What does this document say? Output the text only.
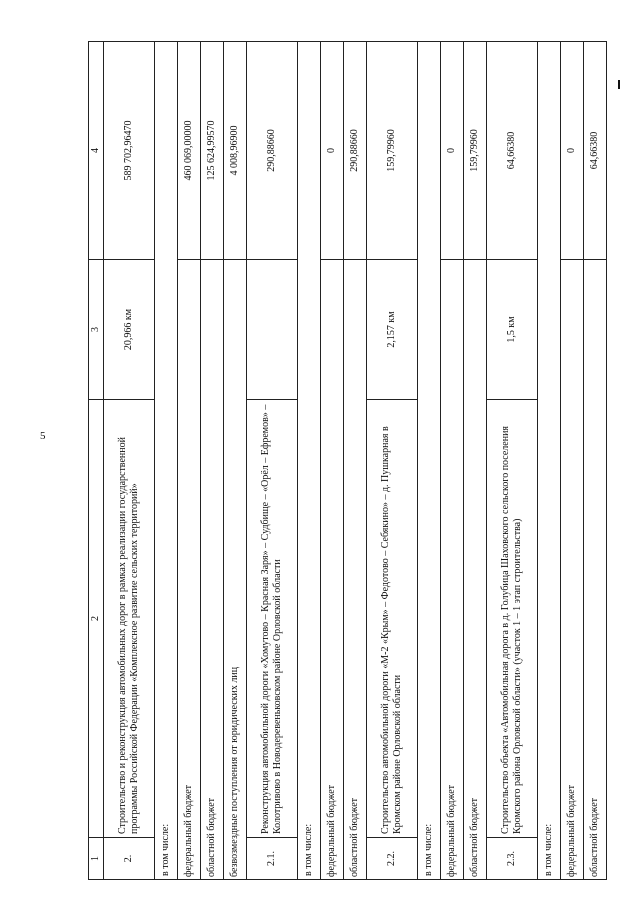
5
1	2	3	4
2.	Строительство и реконструкция автомобильных дорог в рамках реализации государственной программы Российской Федерации «Комплексное развитие сельских территорий»	20,966 км	589 702,96470
в том числе:			
федеральный бюджет			460 069,00000
областной бюджет			125 624,99570
безвозмездные поступления от юридических лиц			4 008,96900
2.1.	Реконструкция автомобильной дороги «Хомутово – Красная Заря» – Судбище – «Орёл – Ефремов» – Колотривово в Новодеревеньковском районе Орловской области		290,88660
в том числе:			
федеральный бюджет			0
областной бюджет			290,88660
2.2.	Строительство автомобильной дороги «М-2 «Крым» – Федотово – Себякино» – д. Пушкарная в Кромском районе Орловской области	2,157 км	159,79960
в том числе:			
федеральный бюджет			0
областной бюджет			159,79960
2.3.	Строительство объекта «Автомобильная дорога в д. Голубица Шаховского сельского поселения Кромского района Орловской области» (участок 1 – 1 этап строительства)	1,5 км	64,66380
в том числе:			
федеральный бюджет			0
областной бюджет			64,66380
